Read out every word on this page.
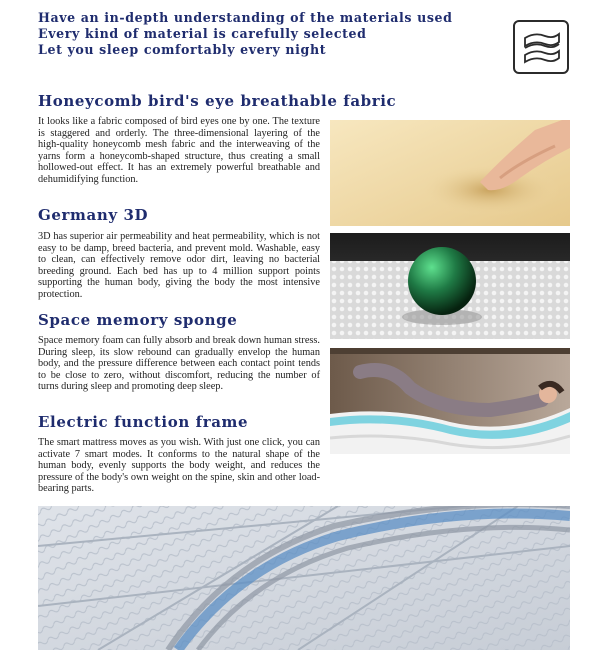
Have an in-depth understanding of the materials used
Every kind of material is carefully selected
Let you sleep comfortably every night
Honeycomb bird's eye breathable fabric
It looks like a fabric composed of bird eyes one by one. The texture is staggered and orderly. The three-dimensional layering of the high-quality honeycomb mesh fabric and the interweaving of the yarns form a honeycomb-shaped structure, thus creating a small hollowed-out effect. It has an extremely powerful breathable and dehumidifying function.
Germany 3D
3D has superior air permeability and heat permeability, which is not easy to be damp, breed bacteria, and prevent mold. Washable, easy to clean, can effectively remove odor dirt, leaving no bacterial breeding ground. Each bed has up to 4 million support points supporting the human body, giving the body the most intensive protection.
Space memory sponge
Space memory foam can fully absorb and break down human stress. During sleep, its slow rebound can gradually envelop the human body, and the pressure difference between each contact point tends to be close to zero, without discomfort, reducing the number of turns during sleep and promoting deep sleep.
Electric function frame
The smart mattress moves as you wish. With just one click, you can activate 7 smart modes. It conforms to the natural shape of the human body, evenly supports the body weight, and reduces the pressure of the body's own weight on the spine, skin and other load-bearing parts.
